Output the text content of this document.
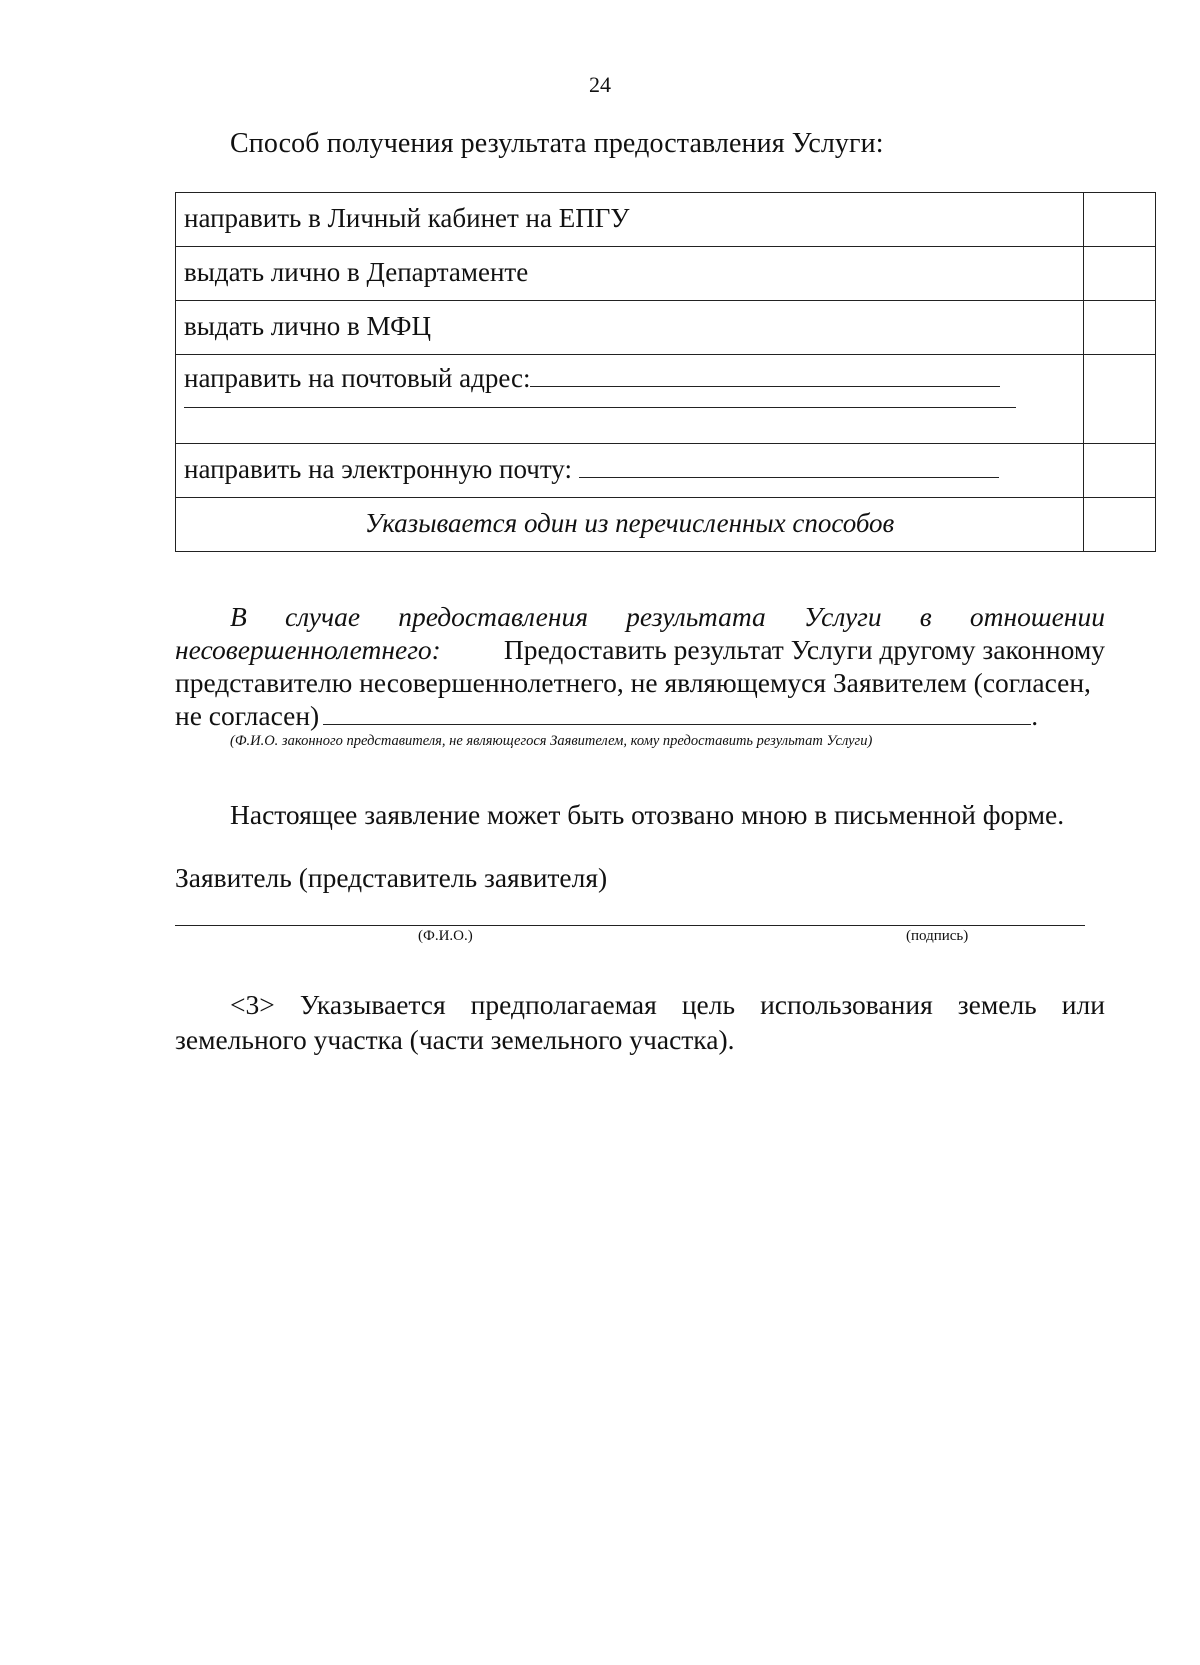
24
Способ получения результата предоставления Услуги:
направить в Личный кабинет на ЕПГУ	

выдать лично в Департаменте	

выдать лично в МФЦ	

направить на почтовый адрес:	

направить на электронную почту:	

Указывается один из перечисленных способов	

В случае предоставления результата Услуги в отношении
несовершеннолетнего: Предоставить результат Услуги другому законному
представителю несовершеннолетнего, не являющемуся Заявителем (согласен,
не согласен)	.
(Ф.И.О. законного представителя, не являющегося Заявителем, кому предоставить результат Услуги)
Настоящее заявление может быть отозвано мною в письменной форме.
Заявитель (представитель заявителя)
(Ф.И.О.)	(подпись)
<3> Указывается предполагаемая цель использования земель или
земельного участка (части земельного участка).
